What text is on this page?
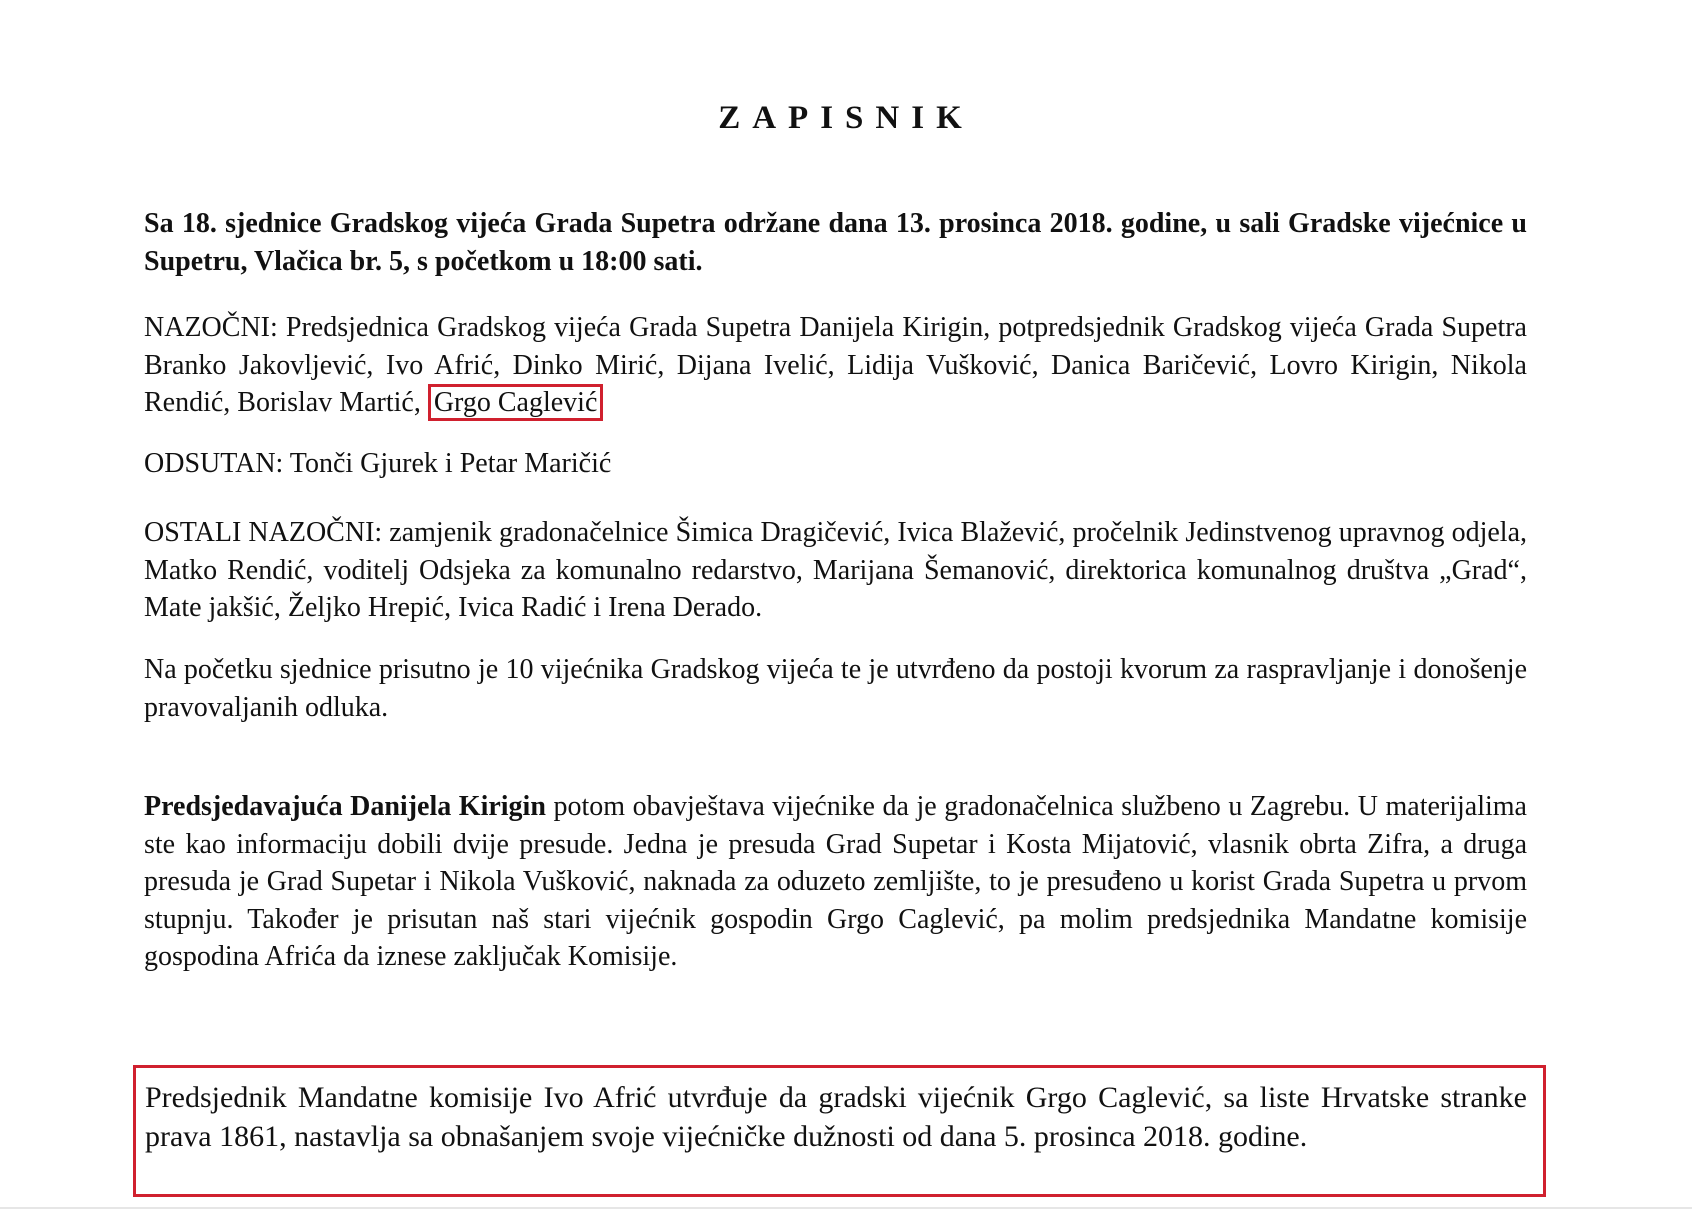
ZAPISNIK

Sa 18. sjednice Gradskog vijeća Grada Supetra održane dana 13. prosinca 2018. godine, u sali Gradske vijećnice u Supetru, Vlačica br. 5, s početkom u 18:00 sati.

NAZOČNI: Predsjednica Gradskog vijeća Grada Supetra Danijela Kirigin, potpredsjednik Gradskog vijeća Grada Supetra Branko Jakovljević, Ivo Afrić, Dinko Mirić, Dijana Ivelić, Lidija Vušković, Danica Baričević, Lovro Kirigin, Nikola Rendić, Borislav Martić, Grgo Caglević

ODSUTAN: Tonči Gjurek i Petar Maričić

OSTALI NAZOČNI: zamjenik gradonačelnice Šimica Dragičević, Ivica Blažević, pročelnik Jedinstvenog upravnog odjela, Matko Rendić, voditelj Odsjeka za komunalno redarstvo, Marijana Šemanović, direktorica komunalnog društva „Grad“, Mate jakšić, Željko Hrepić, Ivica Radić i Irena Derado.

Na početku sjednice prisutno je 10 vijećnika Gradskog vijeća te je utvrđeno da postoji kvorum za raspravljanje i donošenje pravovaljanih odluka.

Predsjedavajuća Danijela Kirigin potom obavještava vijećnike da je gradonačelnica službeno u Zagrebu. U materijalima ste kao informaciju dobili dvije presude. Jedna je presuda Grad Supetar i Kosta Mijatović, vlasnik obrta Zifra, a druga presuda je Grad Supetar i Nikola Vušković, naknada za oduzeto zemljište, to je presuđeno u korist Grada Supetra u prvom stupnju. Također je prisutan naš stari vijećnik gospodin Grgo Caglević, pa molim predsjednika Mandatne komisije gospodina Afrića da iznese zaključak Komisije.

Predsjednik Mandatne komisije Ivo Afrić utvrđuje da gradski vijećnik Grgo Caglević, sa liste Hrvatske stranke prava 1861, nastavlja sa obnašanjem svoje vijećničke dužnosti od dana 5. prosinca 2018. godine.
